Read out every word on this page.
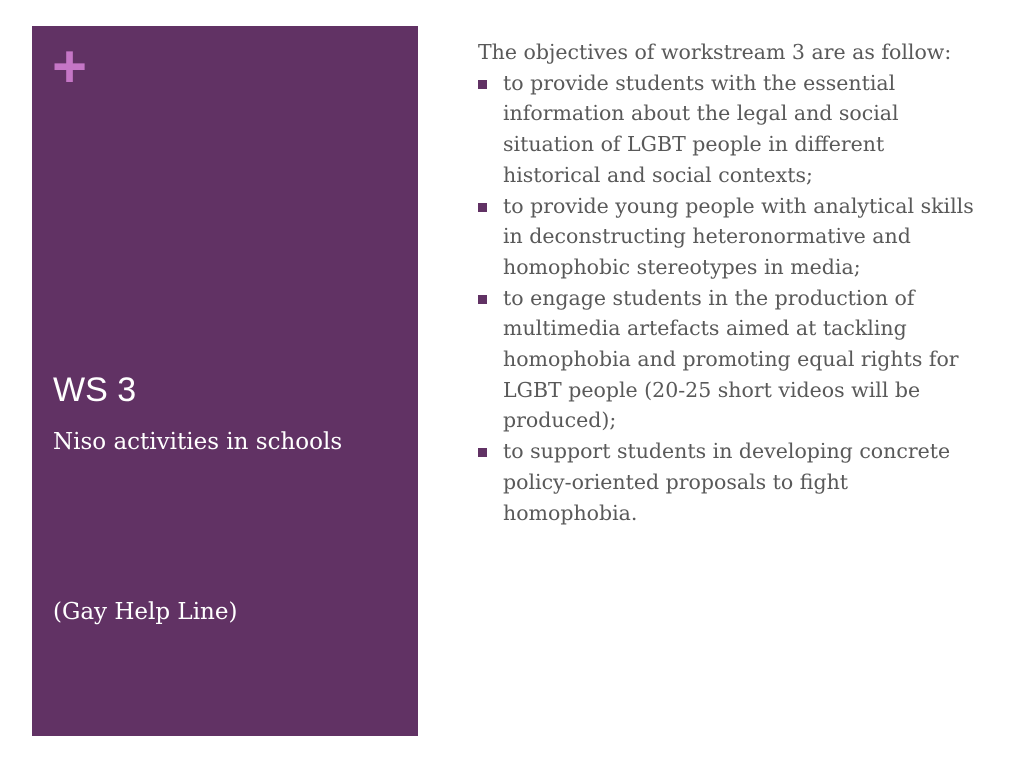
+
WS 3

Niso activities in schools

(Gay Help Line)

The objectives of workstream 3 are as follow:

to provide students with the essential information about the legal and social situation of LGBT people in different historical and social contexts;
to provide young people with analytical skills in deconstructing heteronormative and homophobic stereotypes in media;
to engage students in the production of multimedia artefacts aimed at tackling homophobia and promoting equal rights for LGBT people (20-25 short videos will be produced);
to support students in developing concrete policy-oriented proposals to fight homophobia.
